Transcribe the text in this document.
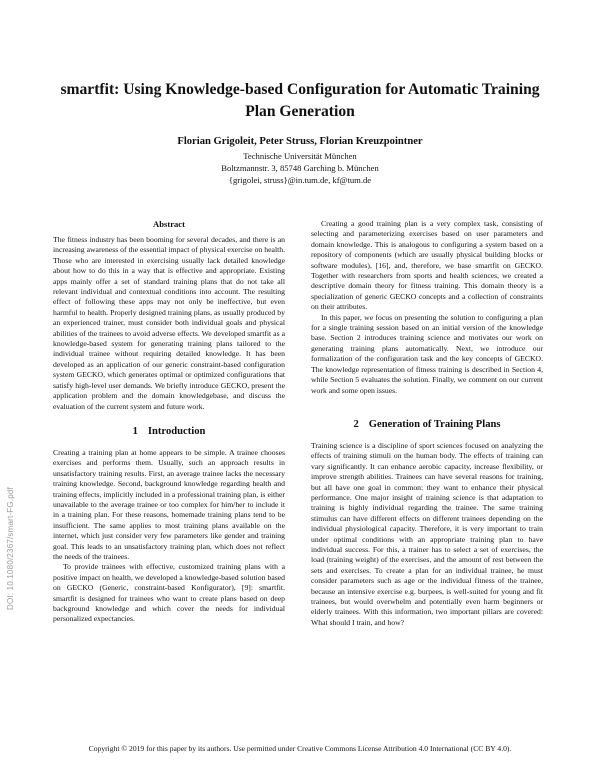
DOI: 10.1080/2367/smart-FG.pdf
smartfit: Using Knowledge-based Configuration for Automatic Training
Plan Generation
Florian Grigoleit, Peter Struss, Florian Kreuzpointner
Technische Universität München
Boltzmannstr. 3, 85748 Garching b. München
{grigolei, struss}@in.tum.de, kf@tum.de
Abstract

The fitness industry has been booming for several decades, and there is an increasing awareness of the essential impact of physical exercise on health. Those who are interested in exercising usually lack detailed knowledge about how to do this in a way that is effective and appropriate. Existing apps mainly offer a set of standard training plans that do not take all relevant individual and contextual conditions into account. The resulting effect of following these apps may not only be ineffective, but even harmful to health. Properly designed training plans, as usually produced by an experienced trainer, must consider both individual goals and physical abilities of the trainees to avoid adverse effects. We developed smartfit as a knowledge-based system for generating training plans tailored to the individual trainee without requiring detailed knowledge. It has been developed as an application of our generic constraint-based configuration system GECKO, which generates optimal or optimized configurations that satisfy high-level user demands. We briefly introduce GECKO, present the application problem and the domain knowledgebase, and discuss the evaluation of the current system and future work.

1 Introduction

Creating a training plan at home appears to be simple. A trainee chooses exercises and performs them. Usually, such an approach results in unsatisfactory training results. First, an average trainee lacks the necessary training knowledge. Second, background knowledge regarding health and training effects, implicitly included in a professional training plan, is either unavailable to the average trainee or too complex for him/her to include it in a training plan. For these reasons, homemade training plans tend to be insufficient. The same applies to most training plans available on the internet, which just consider very few parameters like gender and training goal. This leads to an unsatisfactory training plan, which does not reflect the needs of the trainees.

To provide trainees with effective, customized training plans with a positive impact on health, we developed a knowledge-based solution based on GECKO (Generic, constraint-based Konfigurator), [9]: smartfit. smartfit is designed for trainees who want to create plans based on deep background knowledge and which cover the needs for individual personalized expectancies.

Creating a good training plan is a very complex task, consisting of selecting and parameterizing exercises based on user parameters and domain knowledge. This is analogous to configuring a system based on a repository of components (which are usually physical building blocks or software modules), [16], and, therefore, we base smartfit on GECKO. Together with researchers from sports and health sciences, we created a descriptive domain theory for fitness training. This domain theory is a specialization of generic GECKO concepts and a collection of constraints on their attributes.

In this paper, we focus on presenting the solution to configuring a plan for a single training session based on an initial version of the knowledge base. Section 2 introduces training science and motivates our work on generating training plans automatically. Next, we introduce our formalization of the configuration task and the key concepts of GECKO. The knowledge representation of fitness training is described in Section 4, while Section 5 evaluates the solution. Finally, we comment on our current work and some open issues.

2 Generation of Training Plans

Training science is a discipline of sport sciences focused on analyzing the effects of training stimuli on the human body. The effects of training can vary significantly. It can enhance aerobic capacity, increase flexibility, or improve strength abilities. Trainees can have several reasons for training, but all have one goal in common: they want to enhance their physical performance. One major insight of training science is that adaptation to training is highly individual regarding the trainee. The same training stimulus can have different effects on different trainees depending on the individual physiological capacity. Therefore, it is very important to train under optimal conditions with an appropriate training plan to have individual success. For this, a trainer has to select a set of exercises, the load (training weight) of the exercises, and the amount of rest between the sets and exercises. To create a plan for an individual trainee, he must consider parameters such as age or the individual fitness of the trainee, because an intensive exercise e.g. burpees, is well-suited for young and fit trainees, but would overwhelm and potentially even harm beginners or elderly trainees. With this information, two important pillars are covered: What should I train, and how?

Copyright © 2019 for this paper by its authors. Use permitted under Creative Commons License Attribution 4.0 International (CC BY 4.0).
